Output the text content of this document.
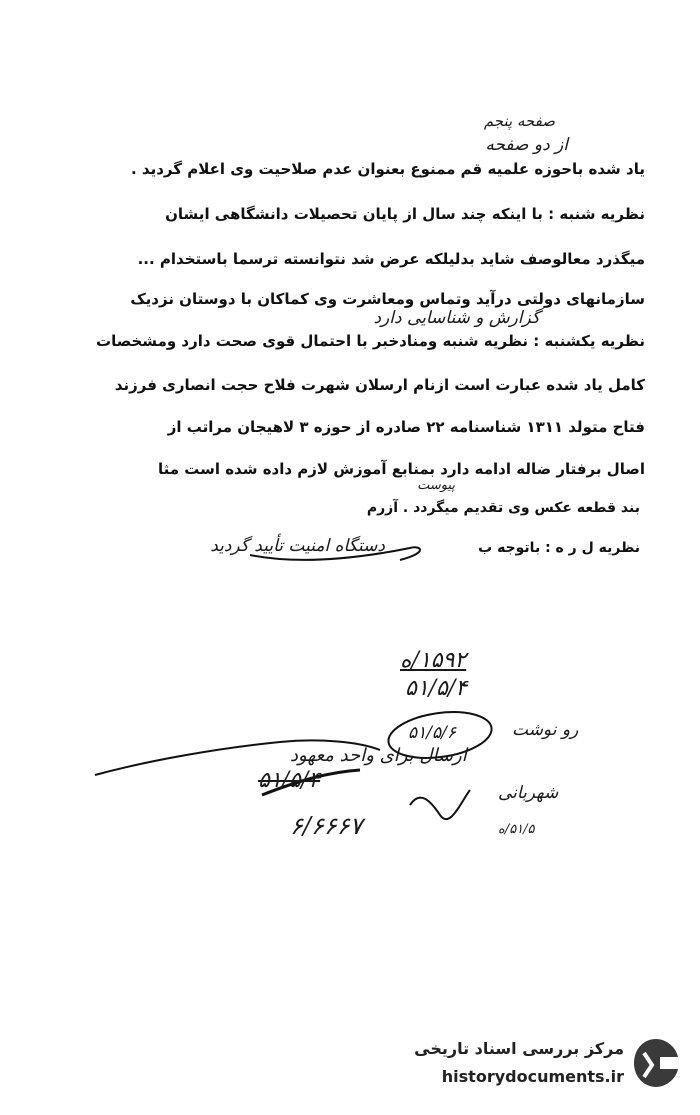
صفحه پنجم
از دو صفحه
یاد شده باحوزه علمیه قم ممنوع بعنوان عدم صلاحیت وی اعلام گردید .
نظریه شنبه : با اینکه چند سال از پایان تحصیلات دانشگاهی ایشان
میگذرد معالوصف شاید بدلیلکه عرض شد نتوانسته ترسما باستخدام ...
سازمانهای دولتی درآید وتماس ومعاشرت وی کماکان با دوستان نزدیک
گزارش و شناسایی دارد
نظریه یکشنبه : نظریه شنبه ومنادخبر با احتمال قوی صحت دارد ومشخصات
کامل یاد شده عبارت است ازنام ارسلان شهرت فلاح حجت انصاری فرزند
فتاح متولد ۱۳۱۱ شناسنامه ۲۲ صادره از حوزه ۳ لاهیجان مراتب از
اصال برفتار ضاله ادامه دارد بمنابع آموزش لازم داده شده است مثا
پیوست
بند قطعه عکس وی تقدیم میگردد . آزرم
نظریه ل ر ه : باتوجه ب
دستگاه امنیت تأیید گردید
۱۵۹۲/ه
۵۱/۵/۴
۵۱/۵/۶	رو نوشت
ارسال برای واحد معهود
۵۱/۵/۴	شهربانی
۶/۶۶۶۷	۵۱/۵/ه
مرکز بررسی اسناد تاریخی
historydocuments.ir
